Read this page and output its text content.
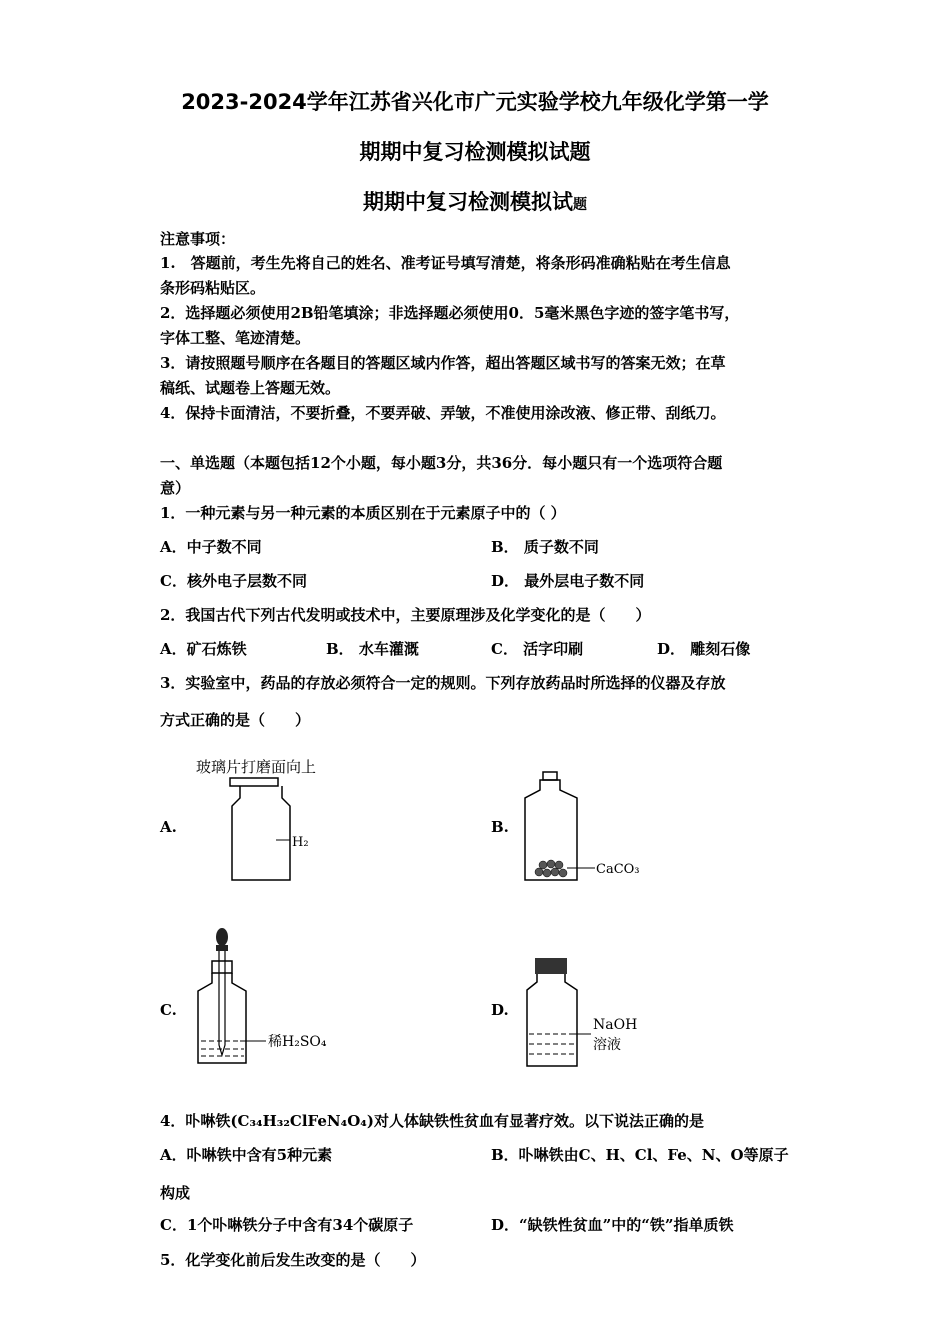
2023-2024学年江苏省兴化市广元实验学校九年级化学第一学
期期中复习检测模拟试题
期期中复习检测模拟试题
注意事项：
1.　答题前，考生先将自己的姓名、准考证号填写清楚，将条形码准确粘贴在考生信息
条形码粘贴区。
2．选择题必须使用2B铅笔填涂；非选择题必须使用0．5毫米黑色字迹的签字笔书写，
字体工整、笔迹清楚。
3．请按照题号顺序在各题目的答题区域内作答，超出答题区域书写的答案无效；在草
稿纸、试题卷上答题无效。
4．保持卡面清洁，不要折叠，不要弄破、弄皱，不准使用涂改液、修正带、刮纸刀。
一、单选题（本题包括12个小题，每小题3分，共36分．每小题只有一个选项符合题
意）
1．一种元素与另一种元素的本质区别在于元素原子中的（ ）
A．中子数不同	B． 质子数不同
C．核外电子层数不同	D． 最外层电子数不同
2．我国古代下列古代发明或技术中，主要原理涉及化学变化的是（　　）
A．矿石炼铁	B． 水车灌溉	C． 活字印刷	D． 雕刻石像
3．实验室中，药品的存放必须符合一定的规则。下列存放药品时所选择的仪器及存放
方式正确的是（　　）
A.	B.
C.	D.
玻璃片打磨面向上
H₂
CaCO₃
稀H₂SO₄
NaOH
溶液
4．卟啉铁(C₃₄H₃₂ClFeN₄O₄)对人体缺铁性贫血有显著疗效。以下说法正确的是
A．卟啉铁中含有5种元素	B．卟啉铁由C、H、Cl、Fe、N、O等原子
构成
C．1个卟啉铁分子中含有34个碳原子	D．“缺铁性贫血”中的“铁”指单质铁
5．化学变化前后发生改变的是（　　）
